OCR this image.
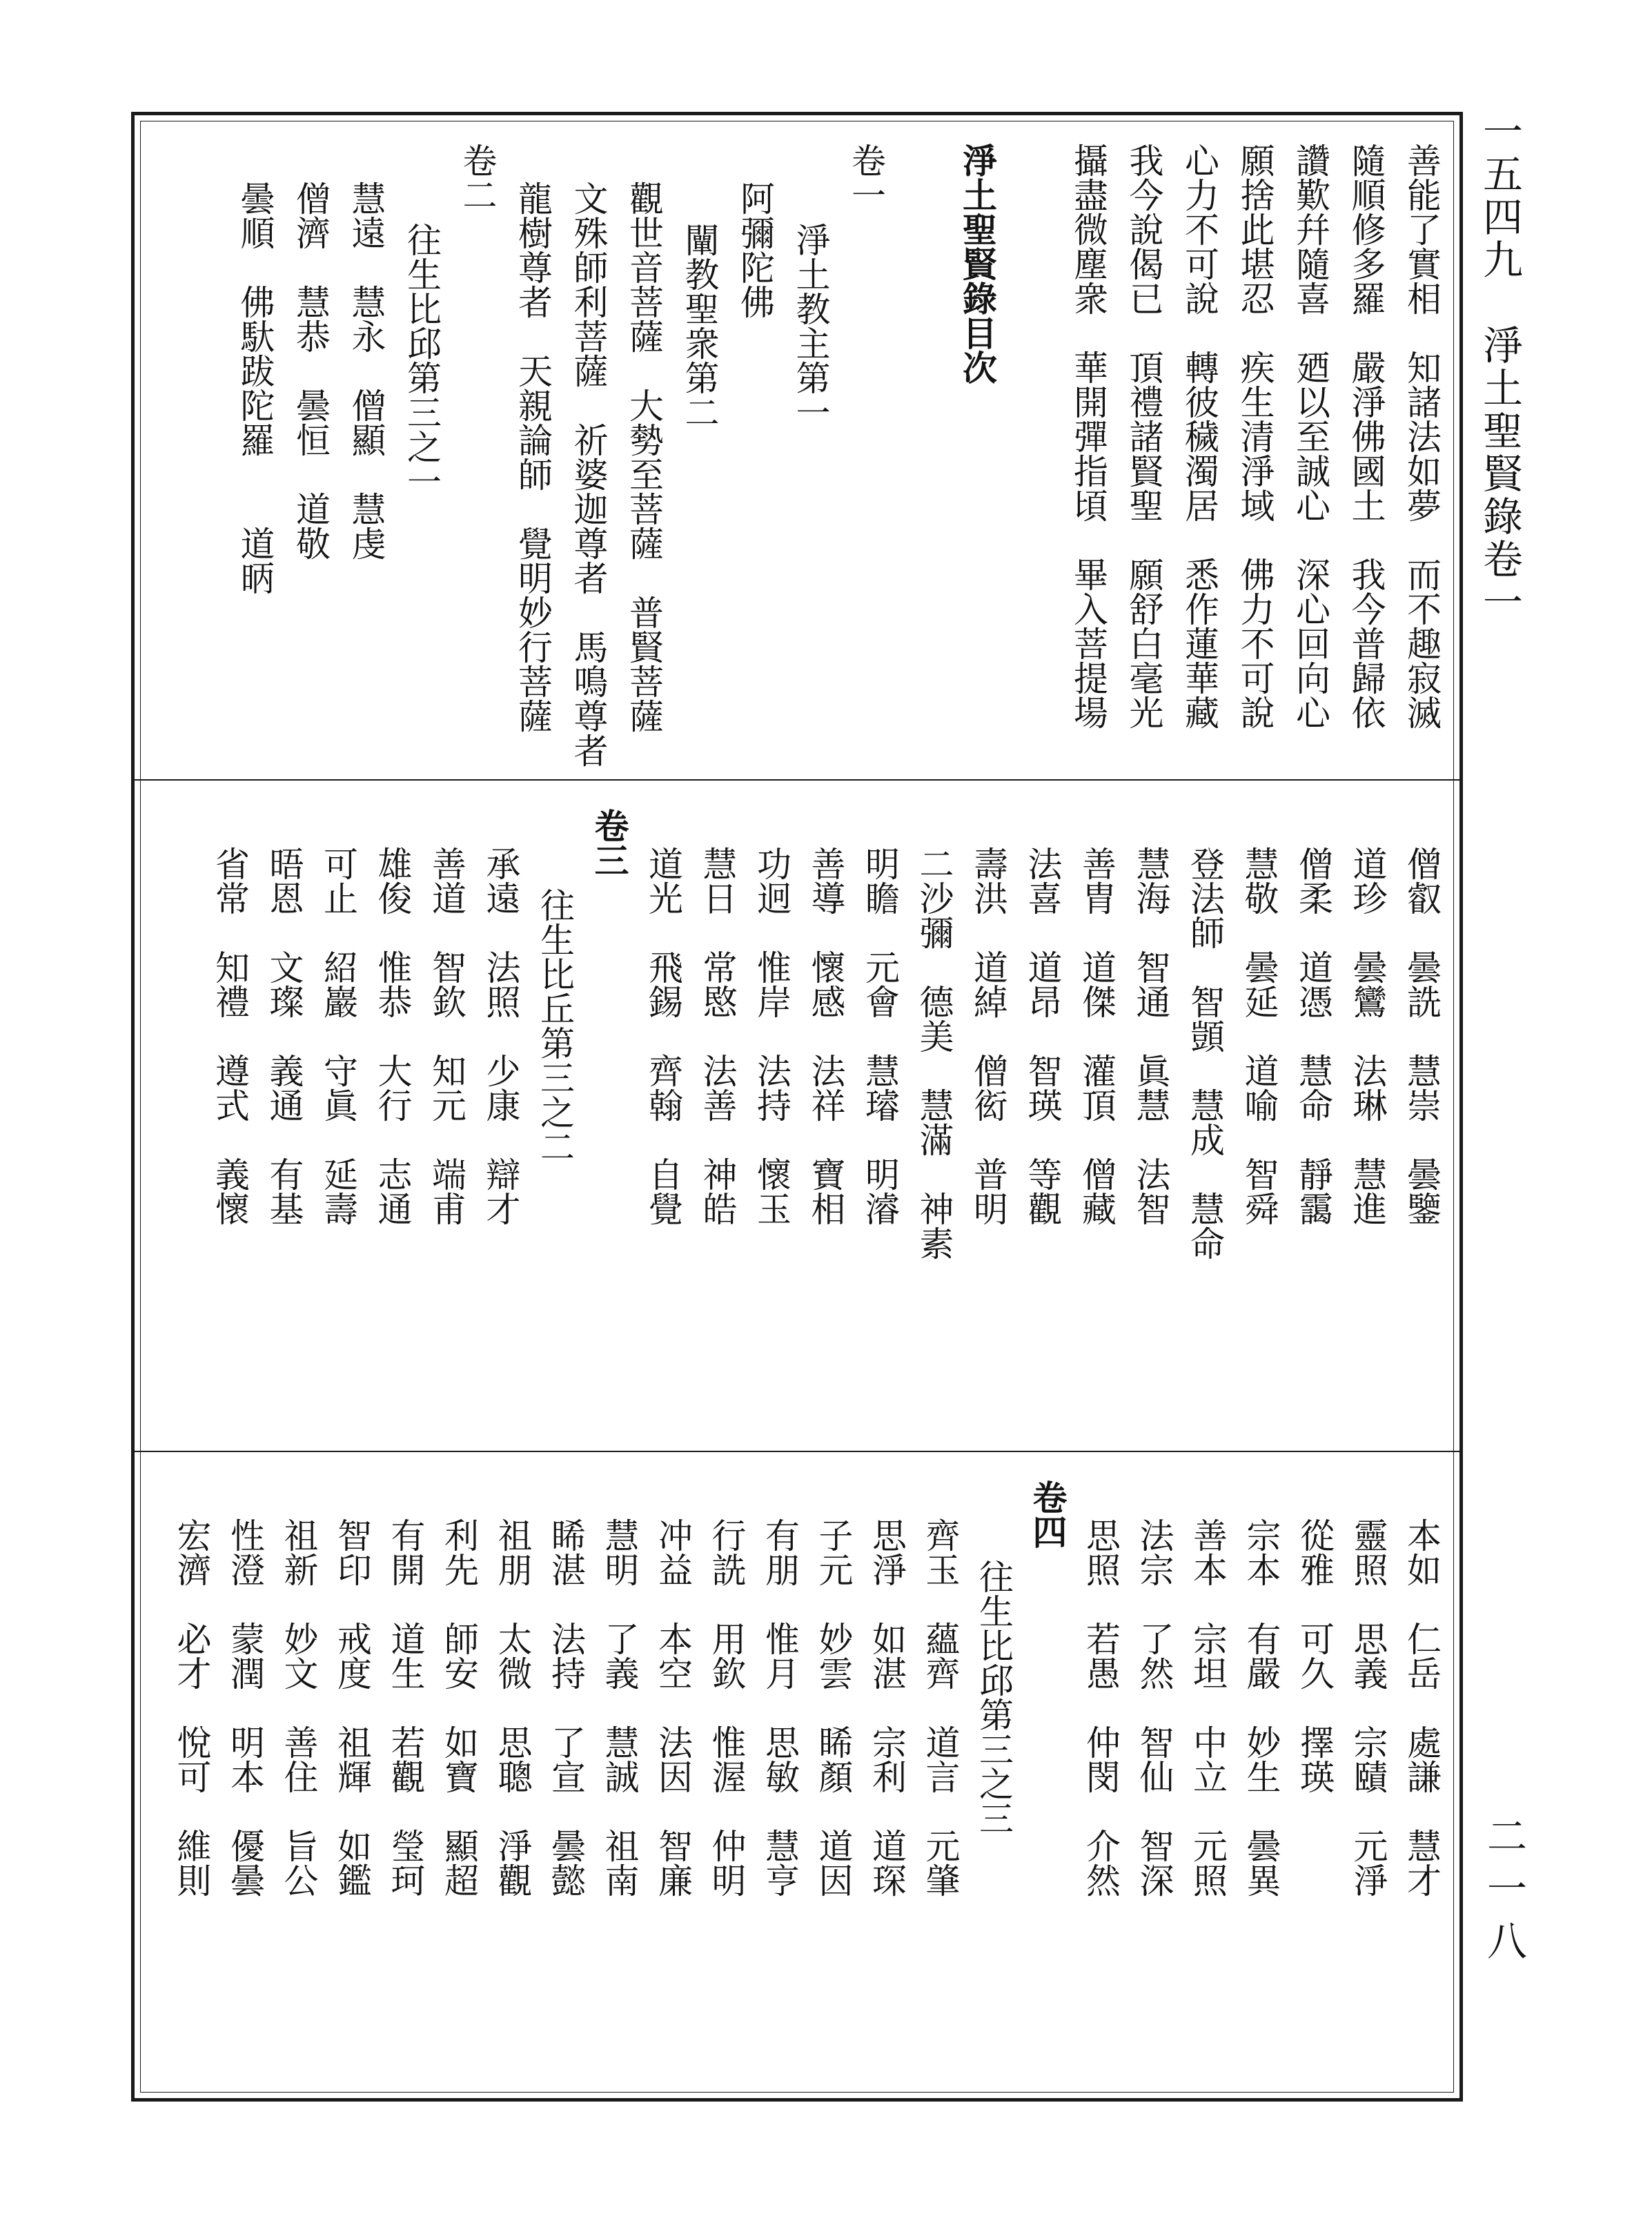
一五四九　淨土聖賢錄卷一
二一八
善能了實相　知諸法如夢　而不趣寂滅
隨順修多羅　嚴淨佛國土　我今普歸依
讚歎幷隨喜　廼以至誠心　深心回向心
願捨此堪忍　疾生清淨域　佛力不可說
心力不可說　轉彼穢濁居　悉作蓮華藏
我今說偈已　頂禮諸賢聖　願舒白毫光
攝盡微塵衆　華開彈指頃　畢入菩提場
淨土聖賢錄目次
卷一
淨土教主第一
阿彌陀佛
闡教聖衆第二
觀世音菩薩　大勢至菩薩　普賢菩薩
文殊師利菩薩　祈婆迦尊者　馬鳴尊者
龍樹尊者　天親論師　覺明妙行菩薩
卷二
往生比邱第三之一
慧遠　慧永　僧顯　慧虔
僧濟　慧恭　曇恒　道敬
曇順　佛馱跋陀羅　　道昞
僧叡　曇詵　慧崇　曇鑒
道珍　曇鸞　法琳　慧進
僧柔　道憑　慧命　靜靄
慧敬　曇延　道喻　智舜
登法師　智顗　慧成　慧命
慧海　智通　眞慧　法智
善胄　道傑　灌頂　僧藏
法喜　道昂　智瑛　等觀
壽洪　道綽　僧衒　普明
二沙彌　德美　慧滿　神素
明瞻　元會　慧璿　明濬
善導　懷感　法祥　寶相
功迥　惟岸　法持　懷玉
慧日　常愍　法善　神皓
道光　飛錫　齊翰　自覺
卷三
往生比丘第三之二
承遠　法照　少康　辯才
善道　智欽　知元　端甫
雄俊　惟恭　大行　志通
可止　紹巖　守眞　延壽
晤恩　文璨　義通　有基
省常　知禮　遵式　義懷
本如　仁岳　處謙　慧才
靈照　思義　宗賾　元淨
從雅　可久　擇瑛
宗本　有嚴　妙生　曇異
善本　宗坦　中立　元照
法宗　了然　智仙　智深
思照　若愚　仲閔　介然
卷四
往生比邱第三之三
齊玉　蘊齊　道言　元肇
思淨　如湛　宗利　道琛
子元　妙雲　睎顏　道因
有朋　惟月　思敏　慧亨
行詵　用欽　惟渥　仲明
冲益　本空　法因　智廉
慧明　了義　慧誠　祖南
睎湛　法持　了宣　曇懿
祖朋　太微　思聰　淨觀
利先　師安　如寶　顯超
有開　道生　若觀　瑩珂
智印　戒度　祖輝　如鑑
祖新　妙文　善住　旨公
性澄　蒙潤　明本　優曇
宏濟　必才　悅可　維則
